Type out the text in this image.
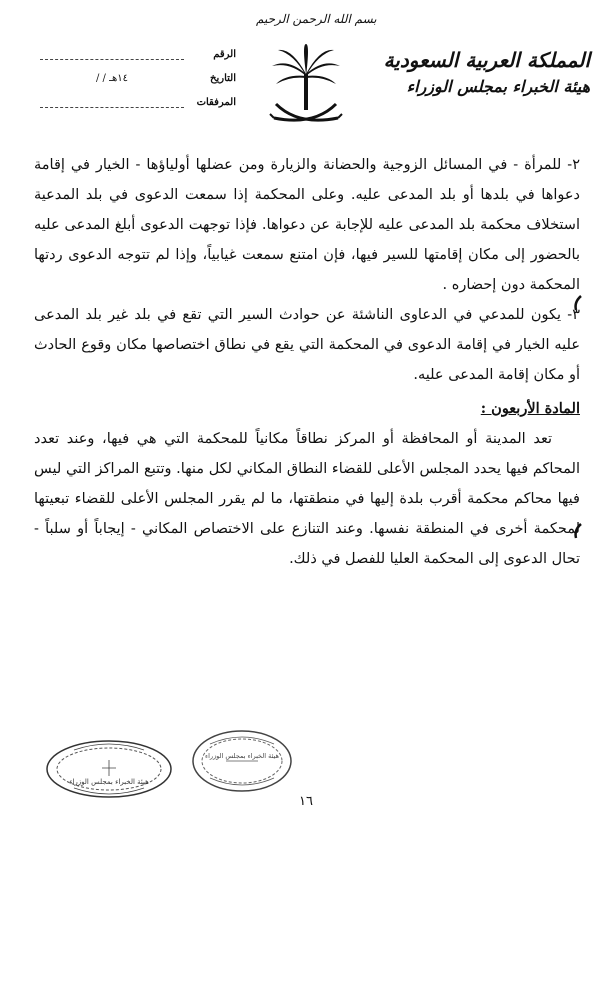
بسم الله الرحمن الرحيم
المملكة العربية السعودية
هيئة الخبراء بمجلس الوزراء
الرقم
التاريخ
/ / ١٤هـ
المرفقات

٢- للمرأة - في المسائل الزوجية والحضانة والزيارة ومن عضلها أولياؤها - الخيار في إقامة دعواها في بلدها أو بلد المدعى عليه. وعلى المحكمة إذا سمعت الدعوى في بلد المدعية استخلاف محكمة بلد المدعى عليه للإجابة عن دعواها. فإذا توجهت الدعوى أبلغ المدعى عليه بالحضور إلى مكان إقامتها للسير فيها، فإن امتنع سمعت غيابياً، وإذا لم تتوجه الدعوى ردتها المحكمة دون إحضاره .

٣- يكون للمدعي في الدعاوى الناشئة عن حوادث السير التي تقع في بلد غير بلد المدعى عليه الخيار في إقامة الدعوى في المحكمة التي يقع في نطاق اختصاصها مكان وقوع الحادث أو مكان إقامة المدعى عليه.

المادة الأربعون :

تعد المدينة أو المحافظة أو المركز نطاقاً مكانياً للمحكمة التي هي فيها، وعند تعدد المحاكم فيها يحدد المجلس الأعلى للقضاء النطاق المكاني لكل منها. وتتبع المراكز التي ليس فيها محاكم محكمة أقرب بلدة إليها في منطقتها، ما لم يقرر المجلس الأعلى للقضاء تبعيتها لمحكمة أخرى في المنطقة نفسها. وعند التنازع على الاختصاص المكاني - إيجاباً أو سلباً - تحال الدعوى إلى المحكمة العليا للفصل في ذلك.

هيئة الخبراء بمجلس الوزراء
هيئة الخبراء بمجلس الوزراء
١٦
